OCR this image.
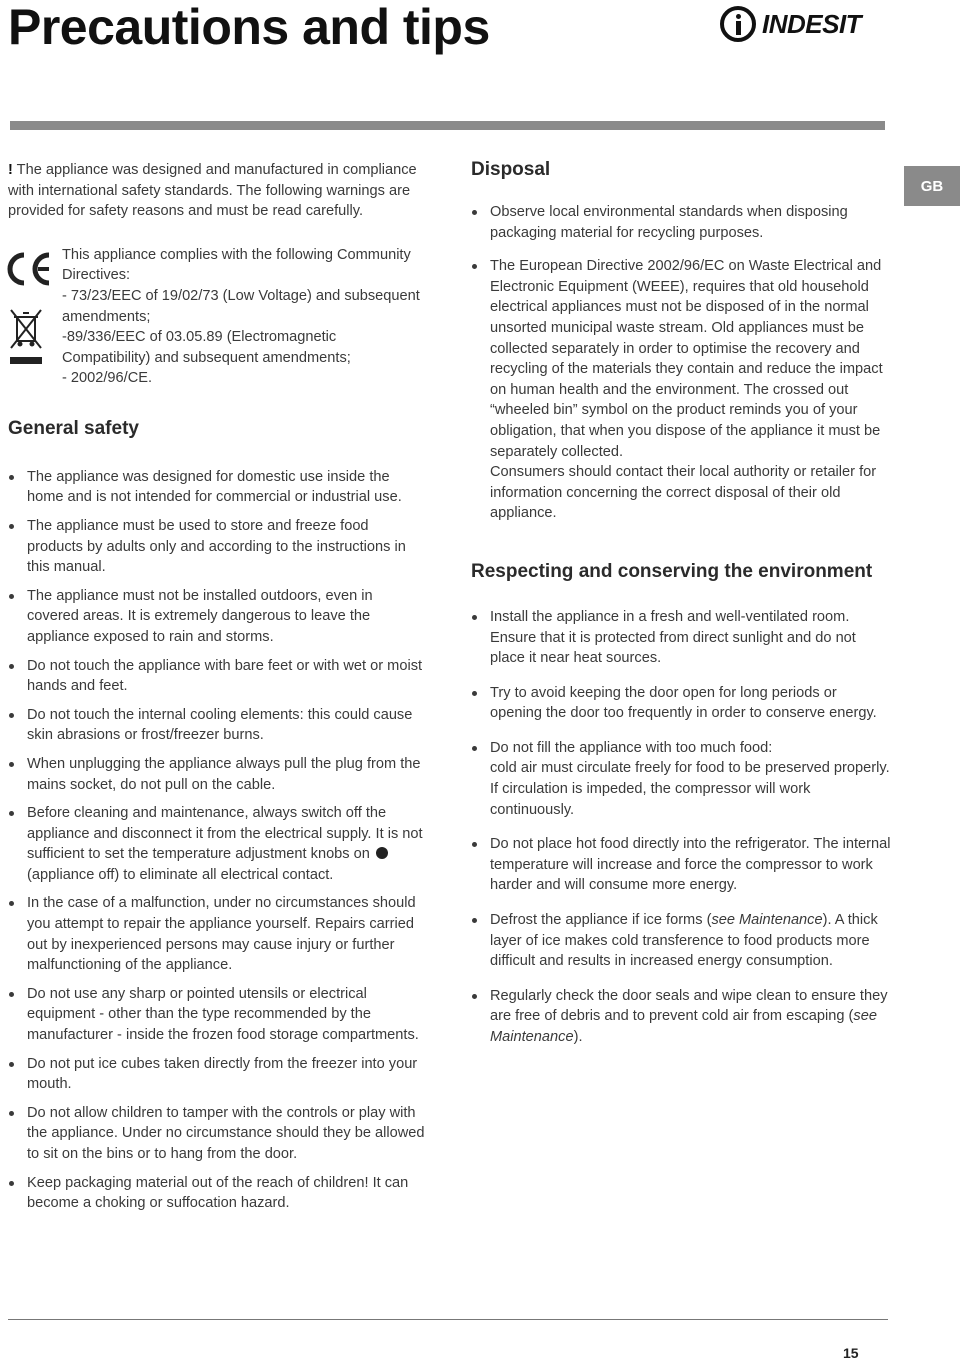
Precautions and tips	INDESIT
GB

! The appliance was designed and manufactured in compliance with international safety standards. The following warnings are provided for safety reasons and must be read carefully.

This appliance complies with the following Community Directives:

- 73/23/EEC of 19/02/73 (Low Voltage) and subsequent amendments;

-89/336/EEC of 03.05.89 (Electromagnetic Compatibility) and subsequent amendments;

- 2002/96/CE.

General safety
The appliance was designed for domestic use inside the home and is not intended for commercial or industrial use.
The appliance must be used to store and freeze food products by adults only and according to the instructions in this manual.
The appliance must not be installed outdoors, even in covered areas. It is extremely dangerous to leave the appliance exposed to rain and storms.
Do not touch the appliance with bare feet or with wet or moist hands and feet.
Do not touch the internal cooling elements: this could cause skin abrasions or frost/freezer burns.
When unplugging the appliance always pull the plug from the mains socket, do not pull on the cable.
Before cleaning and maintenance, always switch off the appliance and disconnect it from the electrical supply. It is not sufficient to set the temperature adjustment knobs on  (appliance off) to eliminate all electrical contact.
In the case of a malfunction, under no circumstances should you attempt to repair the appliance yourself. Repairs carried out by inexperienced persons may cause injury or further malfunctioning of the appliance.
Do not use any sharp or pointed utensils or electrical equipment - other than the type recommended by the manufacturer - inside the frozen food storage compartments.
Do not put ice cubes taken directly from the freezer into your mouth.
Do not allow children to tamper with the controls or play with the appliance. Under no circumstance should they be allowed to sit on the bins or to hang from the door.
Keep packaging material out of the reach of children! It can become a choking or suffocation hazard.
Disposal
Observe local environmental standards when disposing packaging material for recycling purposes.
The European Directive 2002/96/EC on Waste Electrical and Electronic Equipment (WEEE), requires that old household electrical appliances must not be disposed of in the normal unsorted municipal waste stream. Old appliances must be collected separately in order to optimise the recovery and recycling of the materials they contain and reduce the impact on human health and the environment. The crossed out “wheeled bin” symbol on the product reminds you of your obligation, that when you dispose of the appliance it must be separately collected.
Consumers should contact their local authority or retailer for information concerning the correct disposal of their old appliance.
Respecting and conserving the environment
Install the appliance in a fresh and well-ventilated room. Ensure that it is protected from direct sunlight and do not place it near heat sources.
Try to avoid keeping the door open for long periods or opening the door too frequently in order to conserve energy.
Do not fill the appliance with too much food:
cold air must circulate freely for food to be preserved properly. If circulation is impeded, the compressor will work continuously.
Do not place hot food directly into the refrigerator. The internal temperature will increase and force the compressor to work harder and will consume more energy.
Defrost the appliance if ice forms (see Maintenance). A thick layer of ice makes cold transference to food products more difficult and results in increased energy consumption.
Regularly check the door seals and wipe clean to ensure they are free of debris and to prevent cold air from escaping (see Maintenance).
15
